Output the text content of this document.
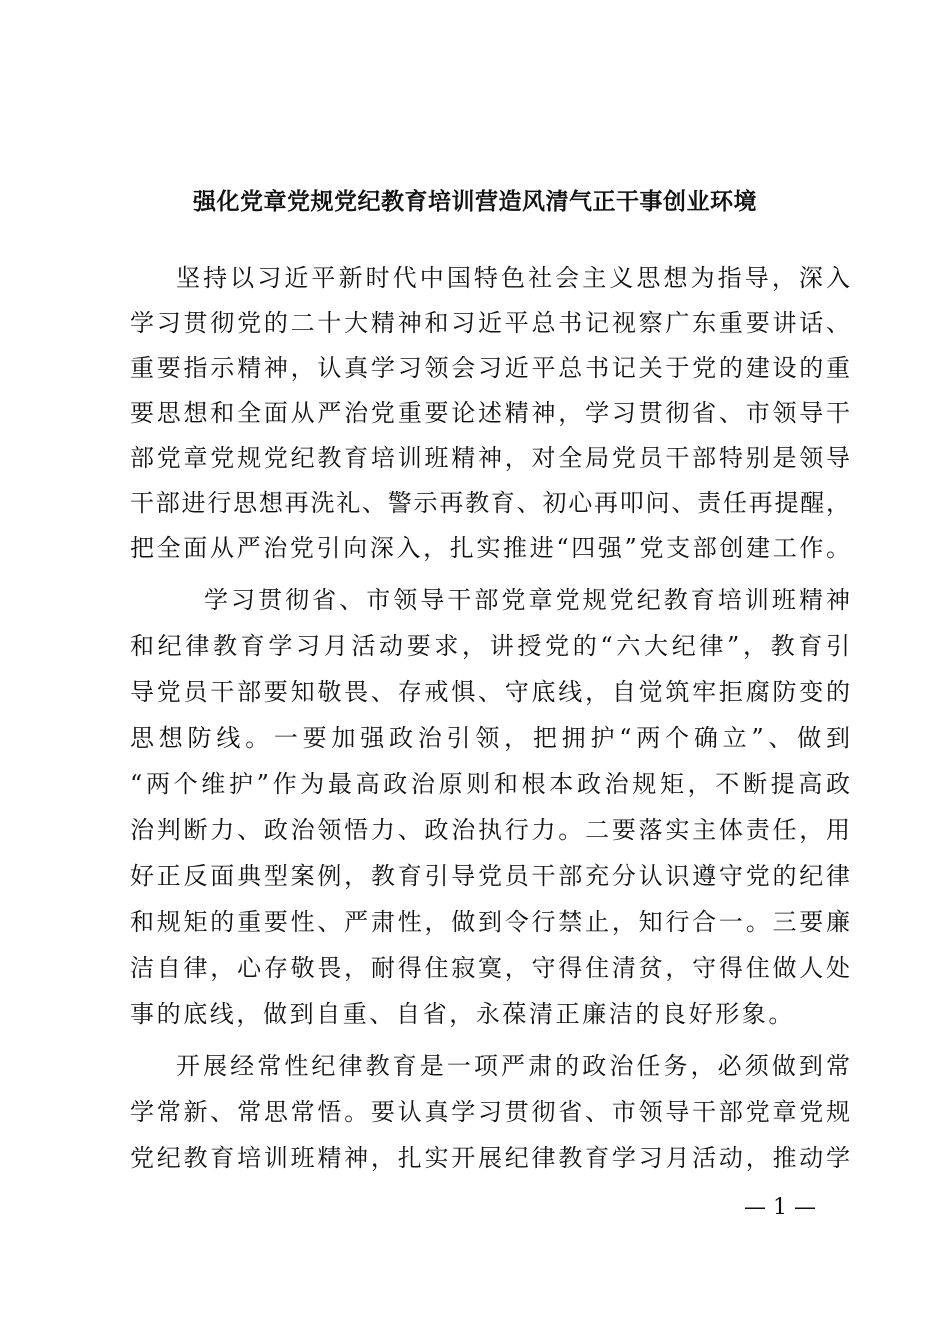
强化党章党规党纪教育培训营造风清气正干事创业环境
坚持以习近平新时代中国特色社会主义思想为指导，深入
学习贯彻党的二十大精神和习近平总书记视察广东重要讲话、
重要指示精神，认真学习领会习近平总书记关于党的建设的重
要思想和全面从严治党重要论述精神，学习贯彻省、市领导干
部党章党规党纪教育培训班精神，对全局党员干部特别是领导
干部进行思想再洗礼、警示再教育、初心再叩问、责任再提醒，
把全面从严治党引向深入，扎实推进“四强”党支部创建工作。
学习贯彻省、市领导干部党章党规党纪教育培训班精神
和纪律教育学习月活动要求，讲授党的“六大纪律”，教育引
导党员干部要知敬畏、存戒惧、守底线，自觉筑牢拒腐防变的
思想防线。一要加强政治引领，把拥护“两个确立”、做到
“两个维护”作为最高政治原则和根本政治规矩，不断提高政
治判断力、政治领悟力、政治执行力。二要落实主体责任，用
好正反面典型案例，教育引导党员干部充分认识遵守党的纪律
和规矩的重要性、严肃性，做到令行禁止，知行合一。三要廉
洁自律，心存敬畏，耐得住寂寞，守得住清贫，守得住做人处
事的底线，做到自重、自省，永葆清正廉洁的良好形象。
开展经常性纪律教育是一项严肃的政治任务，必须做到常
学常新、常思常悟。要认真学习贯彻省、市领导干部党章党规
党纪教育培训班精神，扎实开展纪律教育学习月活动，推动学
— 1 —
